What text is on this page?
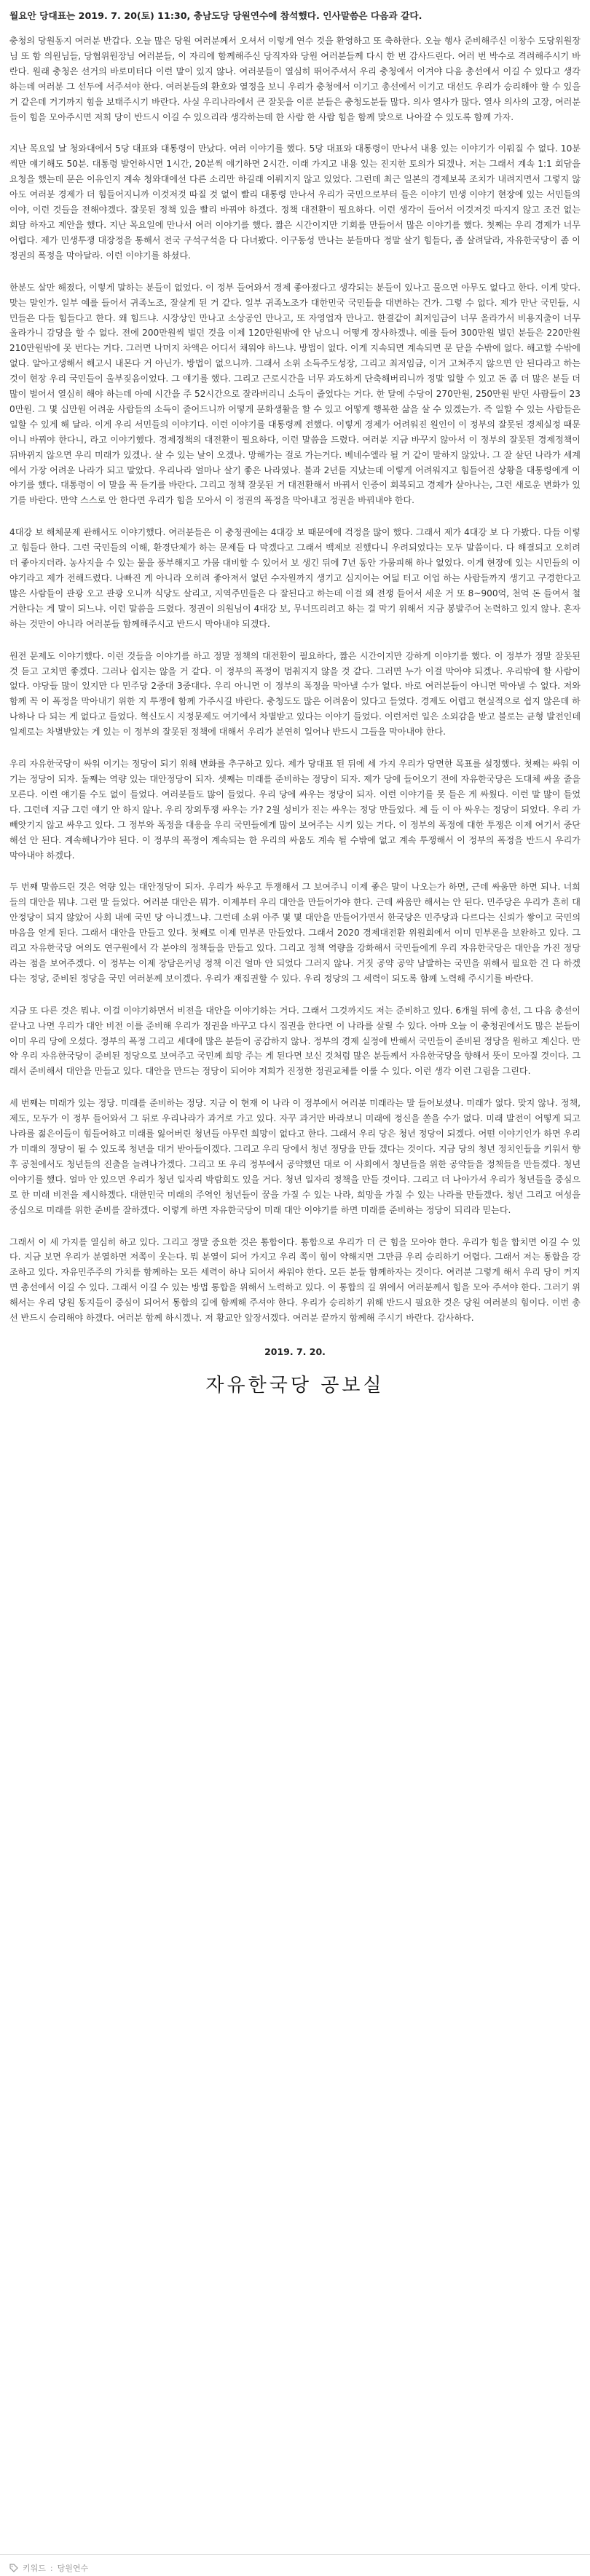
월요안 당대표는 2019. 7. 20(토) 11:30, 충남도당 당원연수에 참석했다. 인사말씀은 다음과 같다.

충청의 당원동지 여러분 반갑다. 오늘 많은 당원 여러분께서 오셔서 이렇게 연수 것을 환영하고 또 축하한다. 오늘 행사 준비해주신 이창수 도당위원장님 또 함 의원님들, 당협위원장님 여러분들, 이 자리에 함께해주신 당직자와 당원 여러분들께 다시 한 번 감사드린다. 여러 번 박수로 격려해주시기 바란다. 원래 충청은 선거의 바로미터다 이런 말이 있지 않나. 여러분들이 열심히 뛰어주셔서 우리 충청에서 이겨야 다음 총선에서 이길 수 있다고 생각하는데 여러분 그 선두에 서주셔야 한다. 여러분들의 환호와 열정을 보니 우리가 충청에서 이기고 총선에서 이기고 대선도 우리가 승리해야 할 수 있을 거 같은데 거기까지 힘을 보태주시기 바란다. 사실 우리나라에서 큰 잘못을 이룬 분들은 충청도분들 많다. 의사 열사가 많다. 열사 의사의 고장, 여러분들이 힘을 모아주시면 저희 당이 반드시 이길 수 있으리라 생각하는데 한 사람 한 사람 힘을 함께 맞으로 나아갈 수 있도록 함께 가자.

지난 목요일 날 청와대에서 5당 대표와 대통령이 만났다. 여러 이야기를 했다. 5당 대표와 대통령이 만나서 내용 있는 이야기가 이뤄질 수 없다. 10분씩만 얘기해도 50분. 대통령 발언하시면 1시간, 20분씩 얘기하면 2시간. 이래 가지고 내용 있는 진지한 토의가 되겠나. 저는 그래서 계속 1:1 회담을 요청을 했는데 문은 이유인지 계속 청와대에선 다른 소리만 하길래 이뤄지지 않고 있었다. 그런데 최근 일본의 경제보복 조치가 내려지면서 그렇지 않아도 여러분 경제가 더 힘들어지니까 이것저것 따질 것 없이 빨리 대통령 만나서 우리가 국민으로부터 들은 이야기 민생 이야기 현장에 있는 서민들의 이야, 이런 것들을 전해야겠다. 잘못된 정책 있을 빨리 바꿔야 하겠다. 정책 대전환이 필요하다. 이런 생각이 들어서 이것저것 따지지 않고 조건 없는 회담 하자고 제안을 했다. 지난 목요일에 만나서 여러 이야기를 했다. 짧은 시간이지만 기회를 만들어서 많은 이야기를 했다. 첫째는 우리 경제가 너무 어렵다. 제가 민생투쟁 대장정을 통해서 전국 구석구석을 다 다녀봤다. 이구동성 만나는 분들마다 정말 살기 힘들다, 좀 살려달라, 자유한국당이 좀 이 정권의 폭정을 막아달라. 이런 이야기를 하셨다.

한분도 살만 해졌다, 이렇게 말하는 분들이 없었다. 이 정부 들어와서 경제 좋아졌다고 생각되는 분들이 있나고 물으면 아무도 없다고 한다. 이게 맞다. 맞는 말인가. 일부 예를 들어서 귀족노조, 잘살게 된 거 같다. 일부 귀족노조가 대한민국 국민들을 대변하는 건가. 그렇 수 없다. 제가 만난 국민들, 시민들은 다들 힘들다고 한다. 왜 힘드냐. 시장상인 만나고 소상공인 만나고, 또 자영업자 만나고. 한결같이 최저임금이 너무 올라가서 비용지출이 너무 올라가니 감당을 할 수 없다. 전에 200만원씩 벌던 것을 이제 120만원밖에 안 남으니 어떻게 장사하겠냐. 예를 들어 300만원 벌던 분들은 220만원 210만원밖에 못 번다는 거다. 그러면 나머지 차액은 어디서 채워야 하느냐. 방법이 없다. 이게 지속되면 계속되면 문 닫을 수밖에 없다. 해고할 수밖에 없다. 알아고생해서 해고시 내몬다 거 아닌가. 방법이 없으니까. 그래서 소위 소득주도성장, 그리고 최저임금, 이거 고쳐주지 않으면 안 된다라고 하는 것이 현장 우리 국민들이 울부짖음이었다. 그 얘기를 했다. 그리고 근로시간을 너무 과도하게 단축해버리니까 정말 일할 수 있고 돈 좀 더 많은 분들 더 많이 벌어서 열심히 해야 하는데 아예 시간을 주 52시간으로 잘라버리니 소득이 줄었다는 거다. 한 달에 수당이 270만원, 250만원 받던 사람들이 230만원. 그 몇 십만원 어려운 사람들의 소득이 줄어드니까 어떻게 문화생활을 할 수 있고 어떻게 행복한 삶을 살 수 있겠는가. 즉 일할 수 있는 사람들은 일할 수 있게 해 달라. 이게 우리 서민들의 이야기다. 이런 이야기를 대통령께 전했다. 이렇게 경제가 어려워진 원인이 이 정부의 잘못된 경제실정 때문이니 바꿔야 한다니, 라고 이야기했다. 경제정책의 대전환이 필요하다, 이런 말씀을 드렸다. 여러분 지금 바꾸지 않아서 이 정부의 잘못된 경제정책이 뒤바뀌지 않으면 우리 미래가 있겠나. 살 수 있는 날이 오겠나. 망해가는 걸로 가는거다. 베네수엘라 될 거 같이 말하지 않았나. 그 잘 살던 나라가 세계에서 가장 어려운 나라가 되고 말았다. 우리나라 얼마나 살기 좋은 나라였나. 불과 2년를 지났는데 이렇게 어려워지고 힘들어진 상황을 대통령에게 이야기를 했다. 대통령이 이 말을 꼭 듣기를 바란다. 그리고 정책 잘못된 거 대전환해서 바꿔서 인증이 회복되고 경제가 살아나는, 그런 새로운 변화가 있기를 바란다. 만약 스스로 안 한다면 우리가 힘을 모아서 이 정권의 폭정을 막아내고 정권을 바꿔내야 한다.

4대강 보 해체문제 관해서도 이야기했다. 여러분들은 이 충청권에는 4대강 보 때문에에 걱정을 많이 했다. 그래서 제가 4대강 보 다 가봤다. 다들 이렇고 힘들다 한다. 그런 국민들의 이해, 환경단체가 하는 문제들 다 막겠다고 그래서 백제보 진했다니 우려되었다는 모두 말씀이다. 다 해결되고 오히려 더 좋아지더라. 농사지을 수 있는 물을 풍부해지고 가뭄 대비할 수 있어서 보 생긴 뒤에 7년 동안 가뭄피해 하나 없었다. 이게 현장에 있는 시민들의 이야기라고 제가 전해드렸다. 나빠진 게 아니라 오히려 좋아져서 없던 수자원까지 생기고 심지어는 여덟 터고 어업 하는 사람들까지 생기고 구경한다고 많은 사람들이 관광 오고 관광 오니까 식당도 살리고, 지역주민들은 다 잘된다고 하는데 이걸 왜 전쟁 들어서 세운 거 또 8~900억, 천억 돈 들여서 철거한다는 게 말이 되느냐. 이런 말씀을 드렸다. 정권이 의원님이 4대강 보, 무너뜨리려고 하는 걸 막기 위해서 지금 봉발주어 논력하고 있지 않나. 혼자 하는 것만이 아니라 여러분들 함께해주시고 반드시 막아내야 되겠다.

원전 문제도 이야기했다. 이런 것들을 이야기를 하고 정말 정책의 대전환이 필요하다, 짧은 시간이지만 강하게 이야기를 했다. 이 정부가 정말 잘못된 것 듣고 고치면 좋겠다. 그러나 쉽지는 않을 거 같다. 이 정부의 폭정이 멈춰지지 않을 것 같다. 그러면 누가 이걸 막아야 되겠나. 우리밖에 할 사람이 없다. 야당들 많이 있지만 다 민주당 2중대 3중대다. 우리 아니면 이 정부의 폭정을 막아낼 수가 없다. 바로 여러분들이 아니면 막아낼 수 없다. 저와 함께 꼭 이 폭정을 막아내기 위한 지 투쟁에 함께 가주시길 바란다. 충청도도 많은 어려움이 있다고 들었다. 경제도 어렵고 현실적으로 쉽지 않은데 하나하나 다 되는 게 없다고 들었다. 혁신도시 지정문제도 여기에서 차별받고 있다는 이야기 들었다. 이런저런 일은 소외감을 받고 불로는 균형 발전인데 일제로는 차별받았는 게 있는 이 정부의 잘못된 정책에 대해서 우리가 분연히 일어나 반드시 그들을 막아내야 한다.

우리 자유한국당이 싸워 이기는 정당이 되기 위해 변화를 추구하고 있다. 제가 당대표 된 뒤에 세 가지 우리가 당면한 목표를 설정했다. 첫째는 싸워 이기는 정당이 되자. 둘째는 역량 있는 대안정당이 되자. 셋째는 미래를 준비하는 정당이 되자. 제가 당에 들어오기 전에 자유한국당은 도대체 싸울 줄을 모른다. 이런 얘기를 수도 없이 들었다. 여러분들도 많이 들었다. 우리 당에 싸우는 정당이 되자. 이런 이야기를 못 들은 게 싸웠다. 이런 말 많이 들었다. 그런데 지금 그런 얘기 안 하지 않나. 우리 장외투쟁 싸우는 가? 2월 성비가 진는 싸우는 정당 만들었다. 제 들 이 아 싸우는 정당이 되었다. 우리 가 빼앗기지 않고 싸우고 있다. 그 정부와 폭정을 대응을 우리 국민들에게 많이 보여주는 시키 있는 거다. 이 정부의 폭정에 대한 투쟁은 이제 여기서 중단해선 안 된다. 계속해나가야 된다. 이 정부의 폭정이 계속되는 한 우리의 싸움도 계속 될 수밖에 없고 계속 투쟁해서 이 정부의 폭정을 반드시 우리가 막아내야 하겠다.

두 번째 말씀드린 것은 역량 있는 대안정당이 되자. 우리가 싸우고 투쟁해서 그 보여주니 이제 좋은 말이 나오는가 하면, 근데 싸움만 하면 되나. 너희들의 대안을 뭐냐. 그런 말 들었다. 여러분 대안은 뭐가. 이제부터 우리 대안을 만들어가야 한다. 근데 싸움만 해서는 안 된다. 민주당은 우리가 흔히 대안정당이 되지 않았어 사회 내에 국민 당 아니겠느냐. 그런데 소위 아주 몇 몇 대안을 만들어가면서 한국당은 민주당과 다르다는 신뢰가 쌓이고 국민의 마음을 얻게 된다. 그래서 대안을 만들고 있다. 첫째로 이제 민부론 만들었다. 그래서 2020 경제대전환 위원회에서 이미 민부론을 보완하고 있다. 그리고 자유한국당 여의도 연구원에서 각 분야의 정책들을 만들고 있다. 그리고 정책 역량을 강화해서 국민들에게 우리 자유한국당은 대안을 가진 정당 라는 점을 보여주겠다. 이 정부는 이제 장담은커녕 정책 이건 얼마 안 되었다 그러지 않나. 거짓 공약 공약 남발하는 국민을 위해서 필요한 건 다 하겠다는 정당, 준비된 정당을 국민 여러분께 보이겠다. 우리가 재집권할 수 있다. 우리 정당의 그 세력이 되도록 함께 노력해 주시기를 바란다.

지금 또 다른 것은 뭐냐. 이걸 이야기하면서 비전을 대안을 이야기하는 거다. 그래서 그것까지도 저는 준비하고 있다. 6개월 뒤에 총선, 그 다음 총선이 끝나고 나면 우리가 대안 비전 이를 준비해 우리가 정권을 바꾸고 다시 집권을 한다면 이 나라를 살릴 수 있다. 아마 오늘 이 충청권에서도 많은 분들이 이미 우리 당에 오셨다. 정부의 폭정 그리고 세대에 많은 분들이 공감하지 않나. 정부의 경제 실정에 반해서 국민들이 준비된 정당을 원하고 계신다. 만약 우리 자유한국당이 준비된 정당으로 보여주고 국민께 희망 주는 게 된다면 보신 것처럼 많은 분들께서 자유한국당을 향해서 뜻이 모아질 것이다. 그래서 준비해서 대안을 만들고 있다. 대안을 만드는 정당이 되어야 저희가 진정한 정권교체를 이룰 수 있다. 이런 생각 이런 그림을 그린다.

세 번째는 미래가 있는 정당. 미래를 준비하는 정당. 지금 이 현재 이 나라 이 정부에서 여러분 미래라는 말 들어보셨나. 미래가 없다. 맞지 않나. 정책, 제도, 모두가 이 정부 들어와서 그 뒤로 우리나라가 과거로 가고 있다. 자꾸 과거만 바라보니 미래에 정신을 쏟을 수가 없다. 미래 발전이 어떻게 되고 나라를 젊은이들이 힘들어하고 미래를 잃어버린 청년들 아무런 희망이 없다고 한다. 그래서 우리 당은 청년 정당이 되겠다. 어떤 이야기인가 하면 우리가 미래의 정당이 될 수 있도록 청년을 대거 받아들이겠다. 그리고 우리 당에서 청년 정당을 만들 겠다는 것이다. 지금 당의 청년 정치인들을 키워서 향후 공천에서도 청년들의 진출을 늘려나가겠다. 그리고 또 우리 정부에서 공약했던 대로 이 사회에서 청년들을 위한 공약들을 정책들을 만들겠다. 청년 이야기를 했다. 얼마 안 있으면 우리가 청년 일자리 박람회도 있을 거다. 청년 일자리 정책을 만들 것이다. 그리고 더 나아가서 우리가 청년들을 중심으로 한 미래 비전을 제시하겠다. 대한민국 미래의 주역인 청년들이 꿈을 가질 수 있는 나라, 희망을 가질 수 있는 나라를 만들겠다. 청년 그리고 여성을 중심으로 미래를 위한 준비를 잘하겠다. 이렇게 하면 자유한국당이 미래 대안 이야기를 하면 미래를 준비하는 정당이 되리라 믿는다.

그래서 이 세 가지를 열심히 하고 있다. 그리고 정말 중요한 것은 통합이다. 통합으로 우리가 더 큰 힘을 모아야 한다. 우리가 힘을 합치면 이길 수 있다. 지금 보면 우리가 분열하면 저쪽이 웃는다. 뭐 분열이 되어 가지고 우리 쪽이 힘이 약해지면 그만큼 우리 승리하기 어렵다. 그래서 저는 통합을 강조하고 있다. 자유민주주의 가치를 함께하는 모든 세력이 하나 되어서 싸워야 한다. 모든 분들 함께하자는 것이다. 여러분 그렇게 해서 우리 당이 커지면 총선에서 이길 수 있다. 그래서 이길 수 있는 방법 통합을 위해서 노력하고 있다. 이 통합의 길 위에서 여러분께서 힘을 모아 주셔야 한다. 그러기 위해서는 우리 당원 동지들이 중심이 되어서 통합의 길에 함께해 주셔야 한다. 우리가 승리하기 위해 반드시 필요한 것은 당원 여러분의 힘이다. 이번 총선 반드시 승리해야 하겠다. 여러분 함께 하시겠나. 저 황교안 앞장서겠다. 여러분 끝까지 함께해 주시기 바란다. 감사하다.

2019. 7. 20.

자유한국당 공보실

키워드 : 당원연수
